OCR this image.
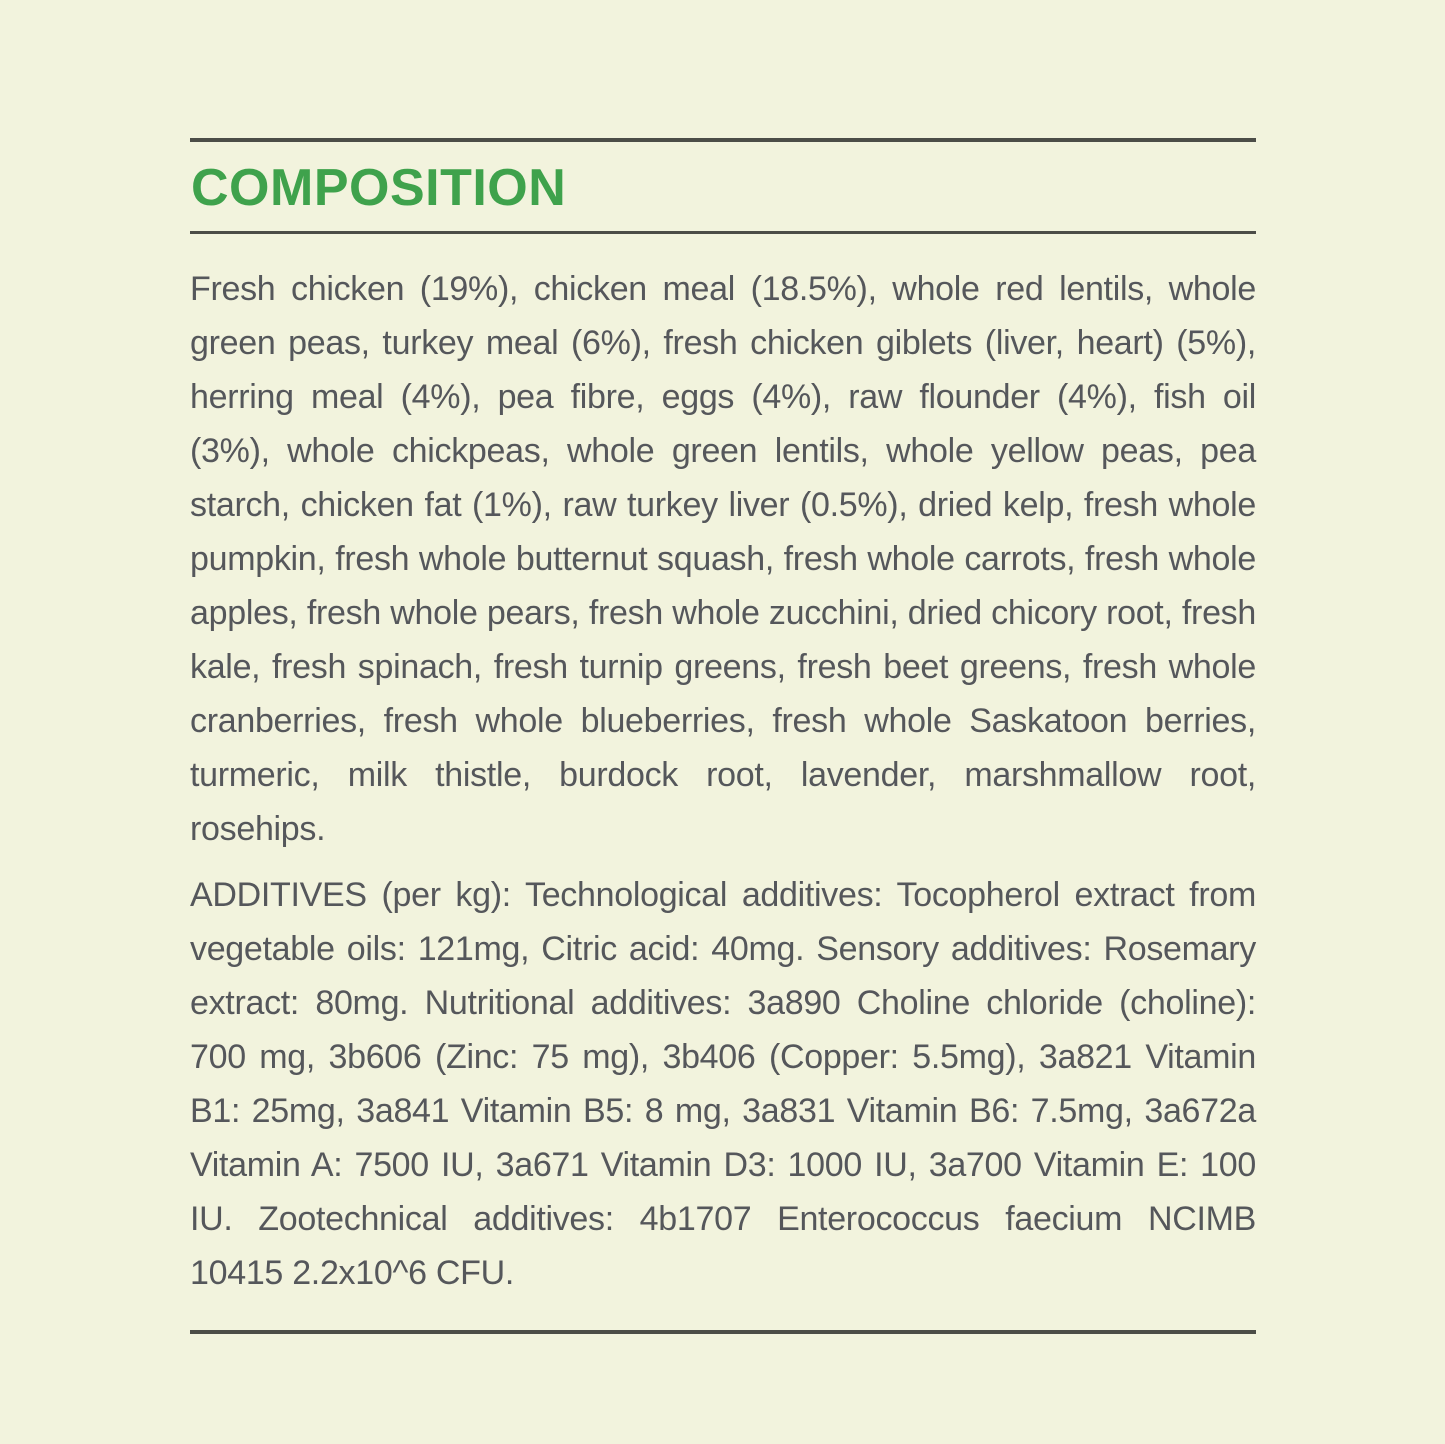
COMPOSITION

Fresh chicken (19%), chicken meal (18.5%), whole red lentils, whole green peas, turkey meal (6%), fresh chicken giblets (liver, heart) (5%), herring meal (4%), pea fibre, eggs (4%), raw flounder (4%), fish oil (3%), whole chickpeas, whole green lentils, whole yellow peas, pea starch, chicken fat (1%), raw turkey liver (0.5%), dried kelp, fresh whole pumpkin, fresh whole butternut squash, fresh whole carrots, fresh whole apples, fresh whole pears, fresh whole zucchini, dried chicory root, fresh kale, fresh spinach, fresh turnip greens, fresh beet greens, fresh whole cranberries, fresh whole blueberries, fresh whole Saskatoon berries, turmeric, milk thistle, burdock root, lavender, marshmallow root, rosehips.

ADDITIVES (per kg): Technological additives: Tocopherol extract from vegetable oils: 121mg, Citric acid: 40mg. Sensory additives: Rosemary extract: 80mg. Nutritional additives: 3a890 Choline chloride (choline): 700 mg, 3b606 (Zinc: 75 mg), 3b406 (Copper: 5.5mg), 3a821 Vitamin B1: 25mg, 3a841 Vitamin B5: 8 mg, 3a831 Vitamin B6: 7.5mg, 3a672a Vitamin A: 7500 IU, 3a671 Vitamin D3: 1000 IU, 3a700 Vitamin E: 100 IU. Zootechnical additives: 4b1707 Enterococcus faecium NCIMB 10415 2.2x10^6 CFU.
